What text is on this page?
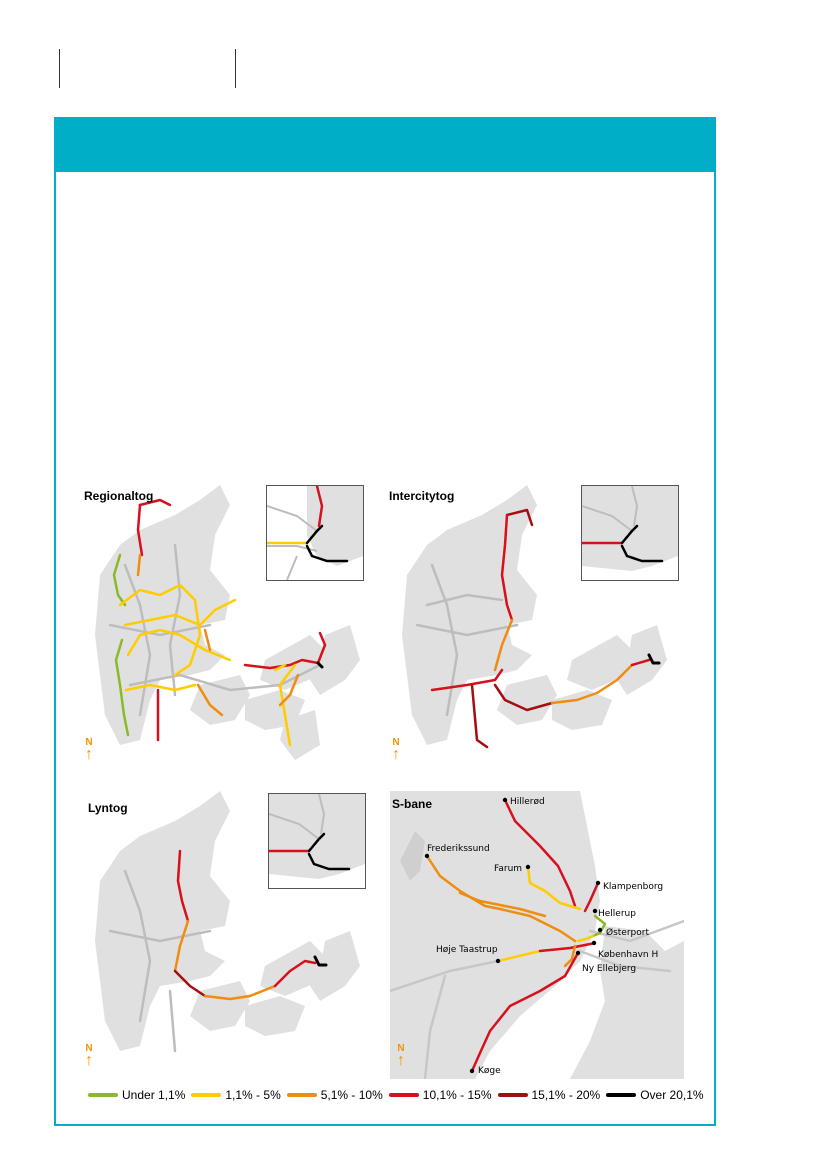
Regionaltog
N
↑
Intercitytog
N
↑
Lyntog
N
↑
Hillerød
Frederikssund
Farum
Klampenborg
Hellerup
Østerport
Høje Taastrup	København H
Ny Ellebjerg
Køge
S-bane
N
↑
Under 1,1%	1,1% - 5%	5,1% - 10%	10,1% - 15%	15,1% - 20%	Over 20,1%
